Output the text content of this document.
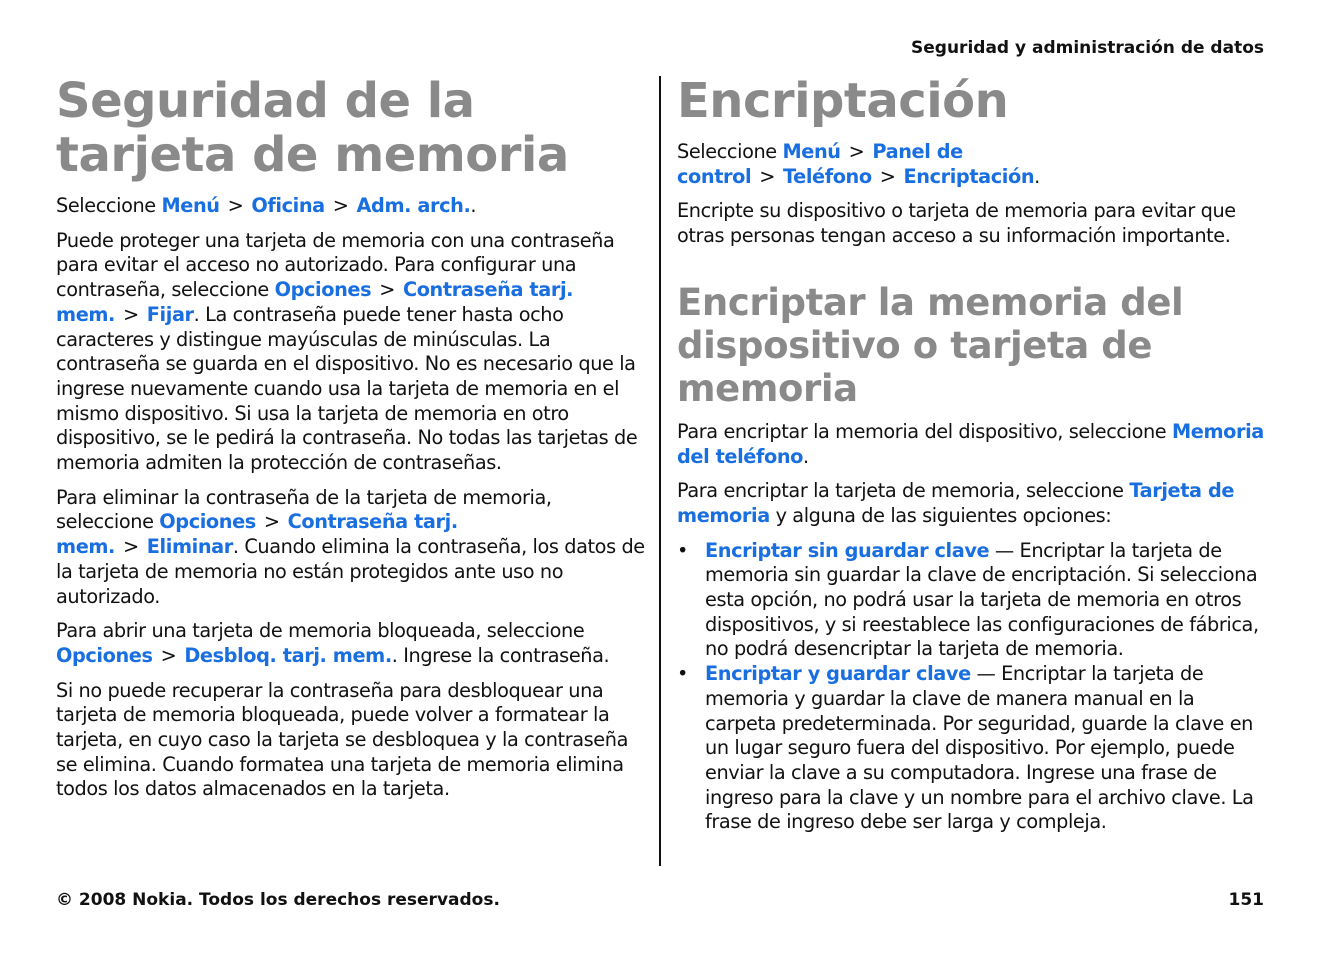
Seguridad y administración de datos
Seguridad de la tarjeta de memoria

Seleccione Menú > Oficina > Adm. arch..

Puede proteger una tarjeta de memoria con una contraseña para evitar el acceso no autorizado. Para configurar una contraseña, seleccione Opciones > Contraseña tarj. mem. > Fijar. La contraseña puede tener hasta ocho caracteres y distingue mayúsculas de minúsculas. La contraseña se guarda en el dispositivo. No es necesario que la ingrese nuevamente cuando usa la tarjeta de memoria en el mismo dispositivo. Si usa la tarjeta de memoria en otro dispositivo, se le pedirá la contraseña. No todas las tarjetas de memoria admiten la protección de contraseñas.

Para eliminar la contraseña de la tarjeta de memoria, seleccione Opciones > Contraseña tarj. mem. > Eliminar. Cuando elimina la contraseña, los datos de la tarjeta de memoria no están protegidos ante uso no autorizado.

Para abrir una tarjeta de memoria bloqueada, seleccione Opciones > Desbloq. tarj. mem.. Ingrese la contraseña.

Si no puede recuperar la contraseña para desbloquear una tarjeta de memoria bloqueada, puede volver a formatear la tarjeta, en cuyo caso la tarjeta se desbloquea y la contraseña se elimina. Cuando formatea una tarjeta de memoria elimina todos los datos almacenados en la tarjeta.

Encriptación

Seleccione Menú > Panel de control > Teléfono > Encriptación.

Encripte su dispositivo o tarjeta de memoria para evitar que otras personas tengan acceso a su información importante.

Encriptar la memoria del dispositivo o tarjeta de memoria

Para encriptar la memoria del dispositivo, seleccione Memoria del teléfono.

Para encriptar la tarjeta de memoria, seleccione Tarjeta de memoria y alguna de las siguientes opciones:

• Encriptar sin guardar clave — Encriptar la tarjeta de memoria sin guardar la clave de encriptación. Si selecciona esta opción, no podrá usar la tarjeta de memoria en otros dispositivos, y si reestablece las configuraciones de fábrica, no podrá desencriptar la tarjeta de memoria.
• Encriptar y guardar clave — Encriptar la tarjeta de memoria y guardar la clave de manera manual en la carpeta predeterminada. Por seguridad, guarde la clave en un lugar seguro fuera del dispositivo. Por ejemplo, puede enviar la clave a su computadora. Ingrese una frase de ingreso para la clave y un nombre para el archivo clave. La frase de ingreso debe ser larga y compleja.
© 2008 Nokia. Todos los derechos reservados.	151
